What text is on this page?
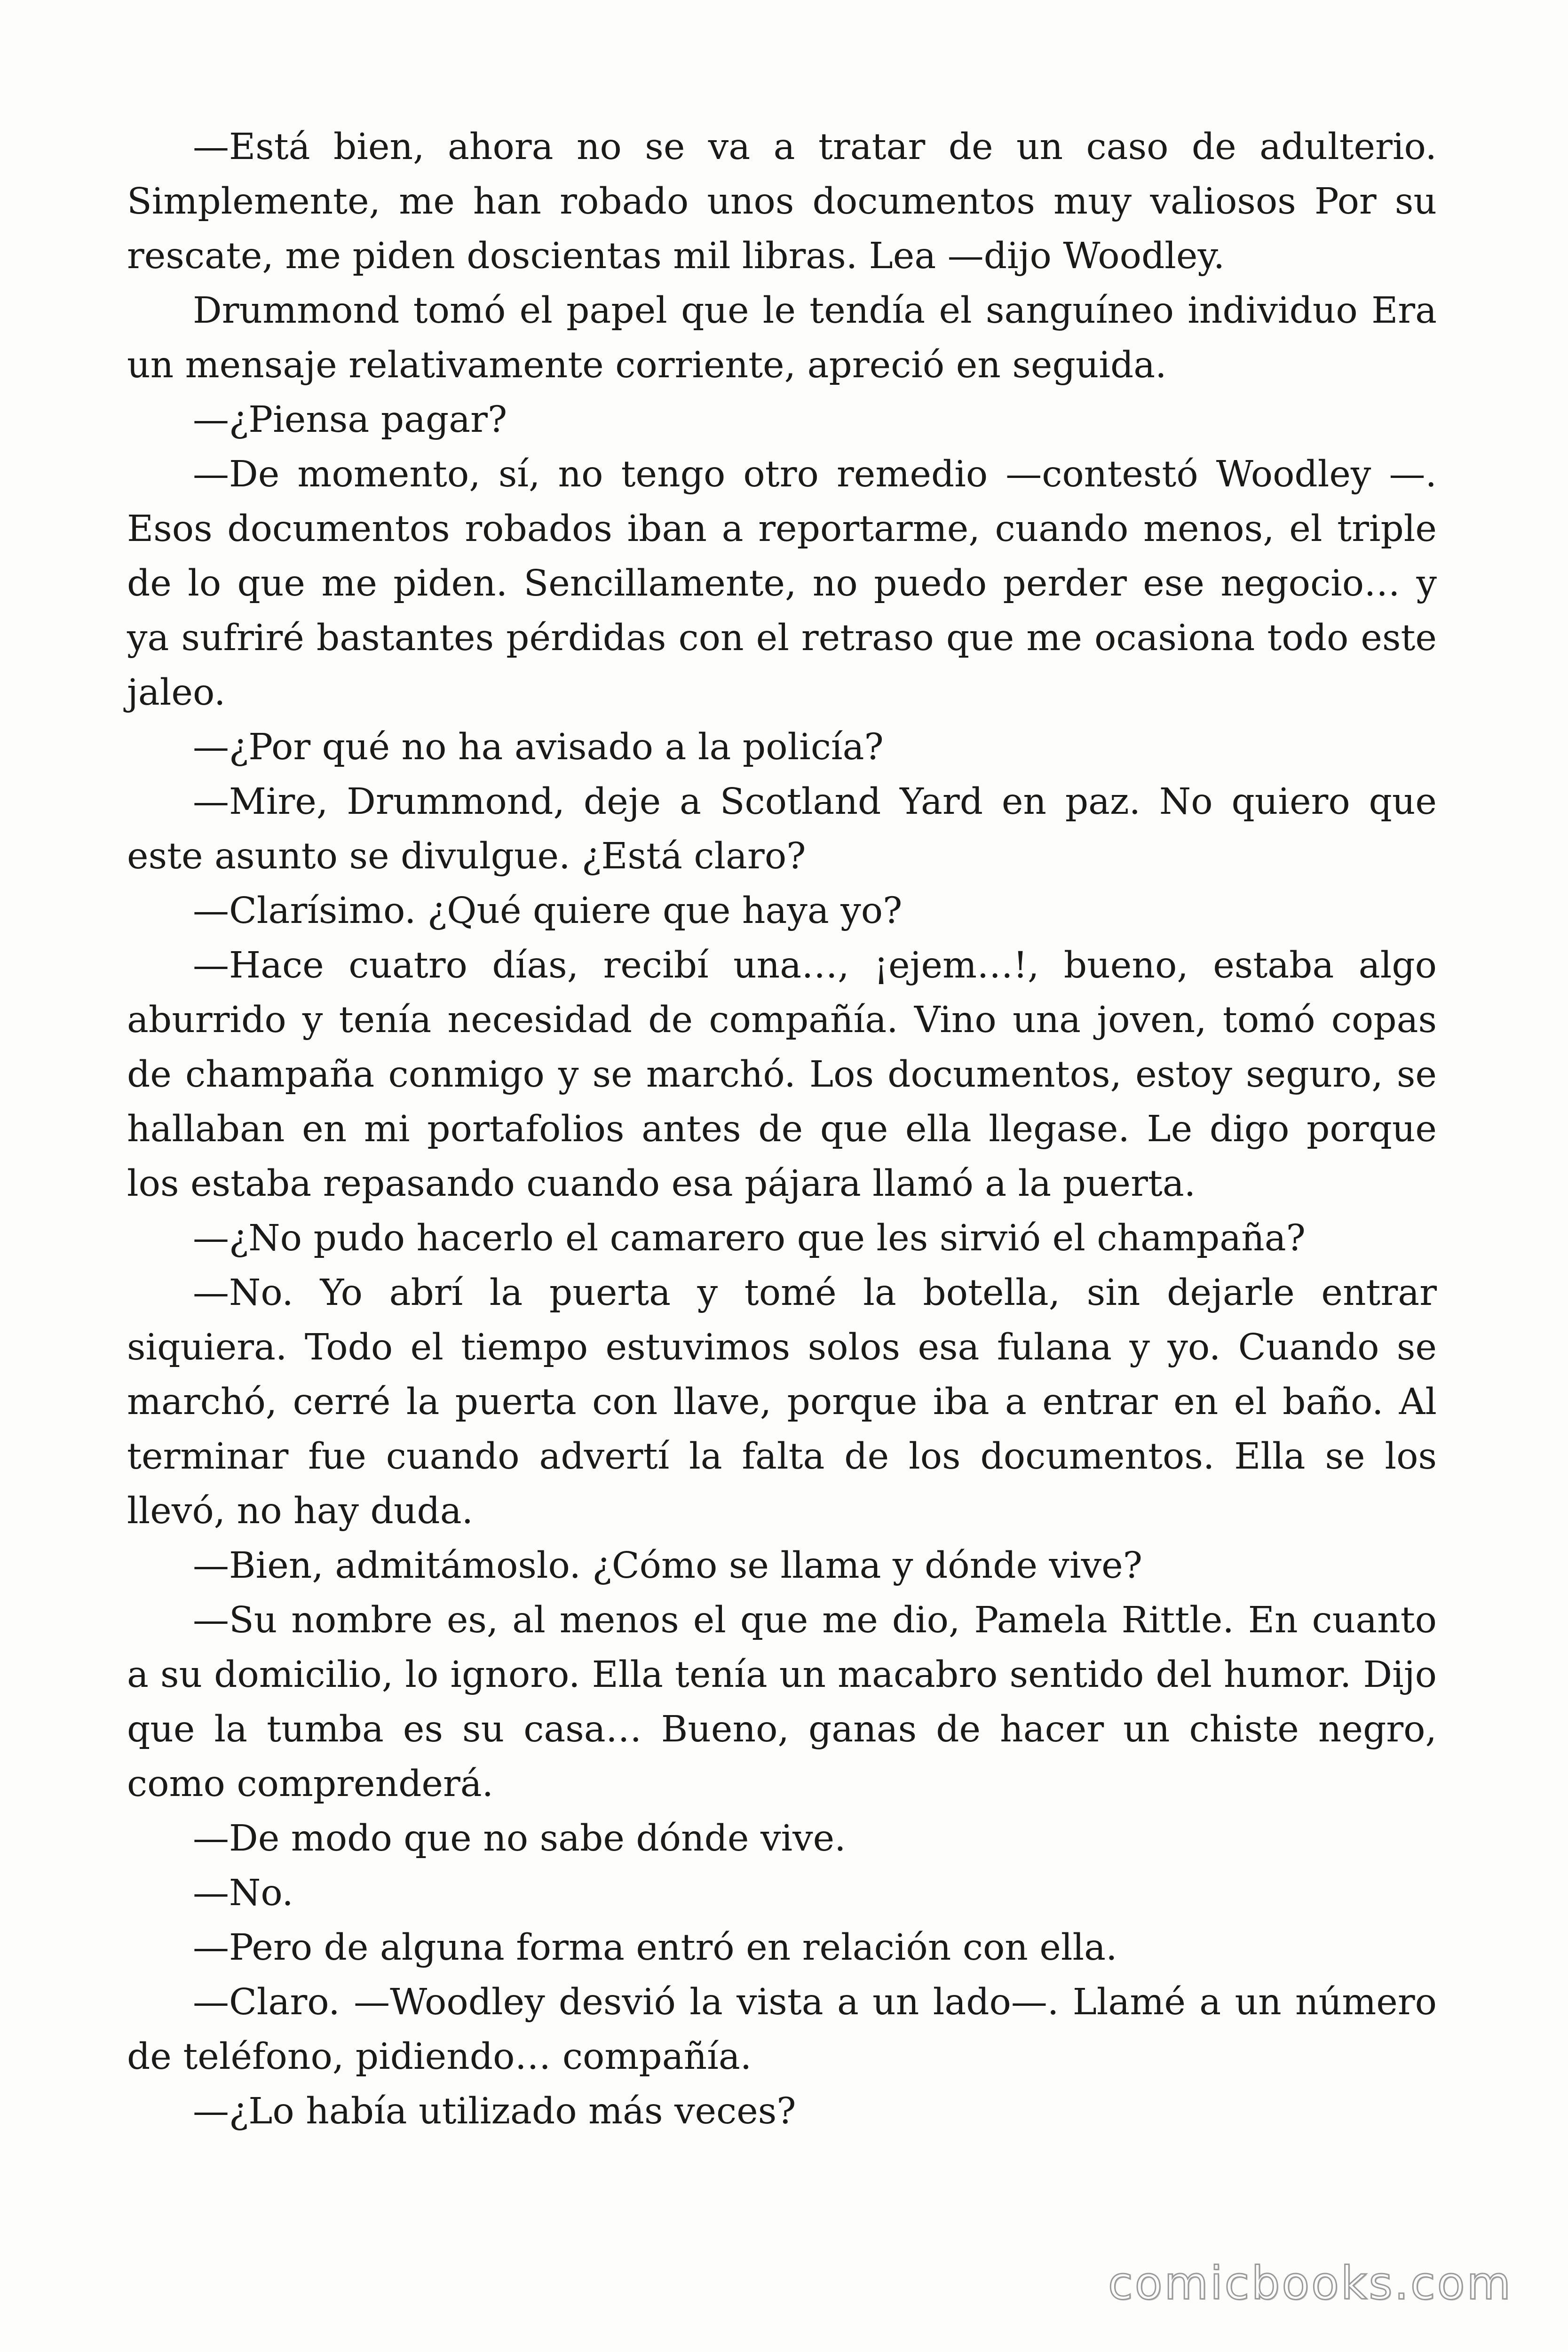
—Está bien, ahora no se va a tratar de un caso de adulterio. Simplemente, me han robado unos documentos muy valiosos Por su rescate, me piden doscientas mil libras. Lea —dijo Woodley.

Drummond tomó el papel que le tendía el sanguíneo individuo Era un mensaje relativamente corriente, apreció en seguida.

—¿Piensa pagar?

—De momento, sí, no tengo otro remedio —contestó Woodley —. Esos documentos robados iban a reportarme, cuando menos, el triple de lo que me piden. Sencillamente, no puedo perder ese negocio… y ya sufriré bastantes pérdidas con el retraso que me ocasiona todo este jaleo.

—¿Por qué no ha avisado a la policía?

—Mire, Drummond, deje a Scotland Yard en paz. No quiero que este asunto se divulgue. ¿Está claro?

—Clarísimo. ¿Qué quiere que haya yo?

—Hace cuatro días, recibí una…, ¡ejem…!, bueno, estaba algo aburrido y tenía necesidad de compañía. Vino una joven, tomó copas de champaña conmigo y se marchó. Los documentos, estoy seguro, se hallaban en mi portafolios antes de que ella llegase. Le digo porque los estaba repasando cuando esa pájara llamó a la puerta.

—¿No pudo hacerlo el camarero que les sirvió el champaña?

—No. Yo abrí la puerta y tomé la botella, sin dejarle entrar siquiera. Todo el tiempo estuvimos solos esa fulana y yo. Cuando se marchó, cerré la puerta con llave, porque iba a entrar en el baño. Al terminar fue cuando advertí la falta de los documentos. Ella se los llevó, no hay duda.

—Bien, admitámoslo. ¿Cómo se llama y dónde vive?

—Su nombre es, al menos el que me dio, Pamela Rittle. En cuanto a su domicilio, lo ignoro. Ella tenía un macabro sentido del humor. Dijo que la tumba es su casa… Bueno, ganas de hacer un chiste negro, como comprenderá.

—De modo que no sabe dónde vive.

—No.

—Pero de alguna forma entró en relación con ella.

—Claro. —Woodley desvió la vista a un lado—. Llamé a un número de teléfono, pidiendo… compañía.

—¿Lo había utilizado más veces?

comicbooks.com
